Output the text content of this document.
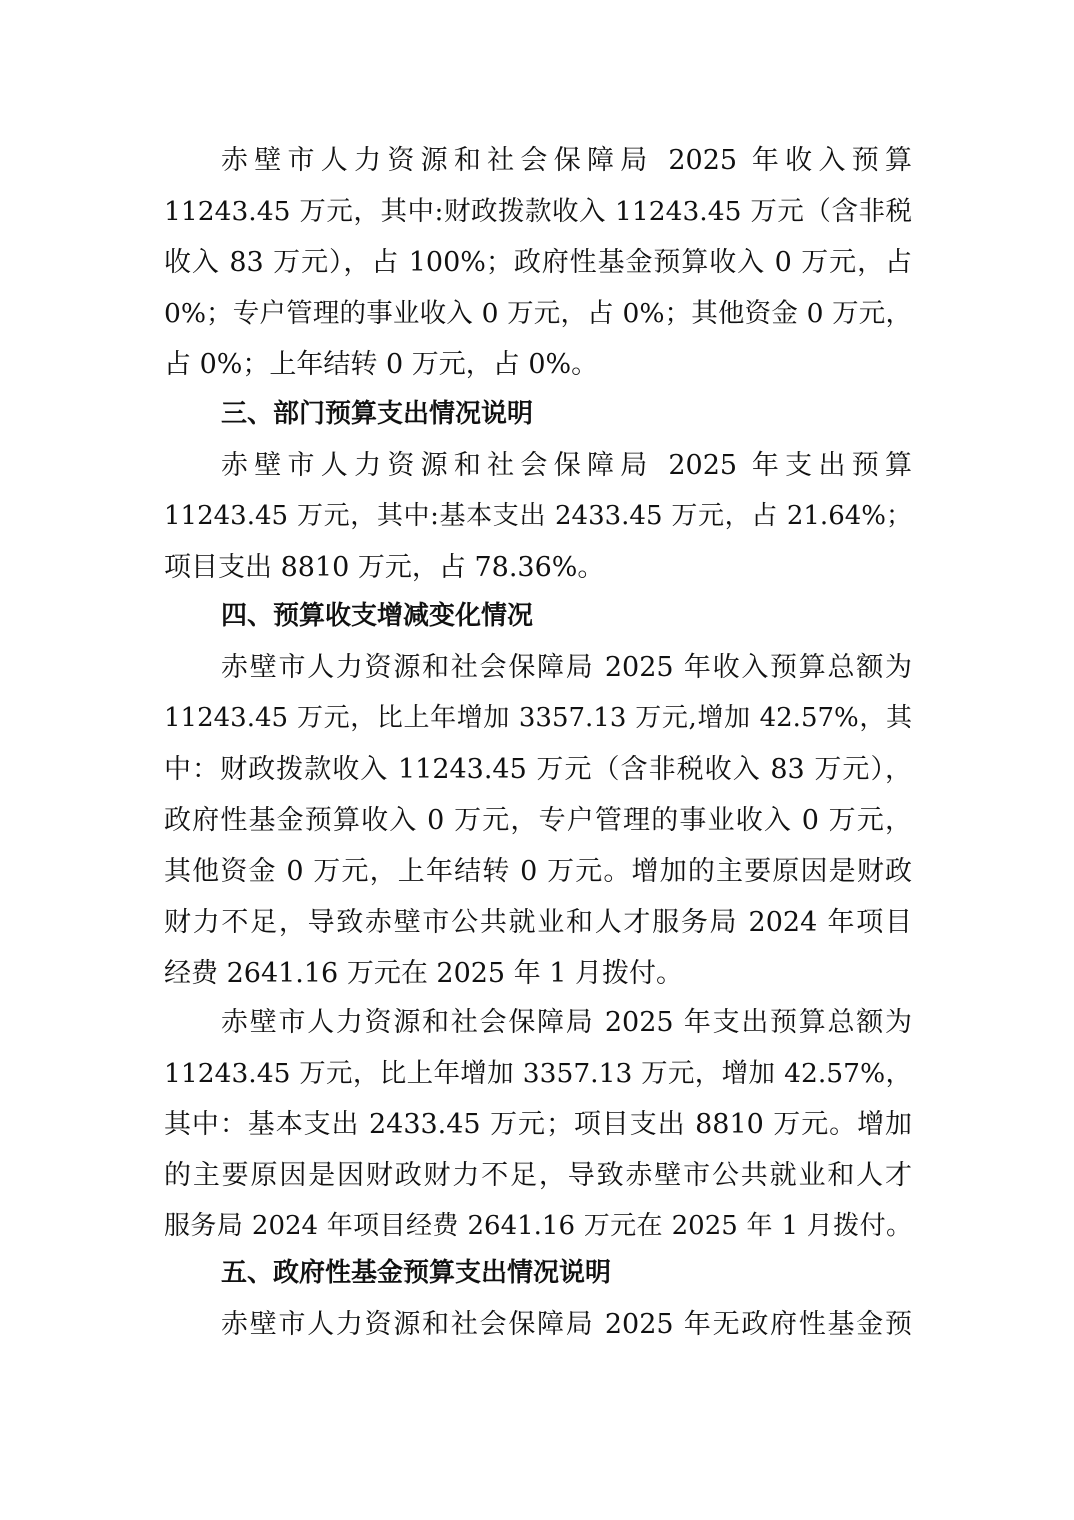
赤壁市人力资源和社会保障局 2025 年收入预算
11243.45 万元，其中:财政拨款收入 11243.45 万元（含非税
收入 83 万元），占 100%；政府性基金预算收入 0 万元，占
0%；专户管理的事业收入 0 万元，占 0%；其他资金 0 万元，
占 0%；上年结转 0 万元，占 0%。
三、部门预算支出情况说明
赤壁市人力资源和社会保障局 2025 年支出预算
11243.45 万元，其中:基本支出 2433.45 万元，占 21.64%；
项目支出 8810 万元，占 78.36%。
四、预算收支增减变化情况
赤壁市人力资源和社会保障局 2025 年收入预算总额为
11243.45 万元，比上年增加 3357.13 万元,增加 42.57%，其
中：财政拨款收入 11243.45 万元（含非税收入 83 万元），
政府性基金预算收入 0 万元，专户管理的事业收入 0 万元，
其他资金 0 万元，上年结转 0 万元。增加的主要原因是财政
财力不足，导致赤壁市公共就业和人才服务局 2024 年项目
经费 2641.16 万元在 2025 年 1 月拨付。
赤壁市人力资源和社会保障局 2025 年支出预算总额为
11243.45 万元，比上年增加 3357.13 万元，增加 42.57%，
其中：基本支出 2433.45 万元；项目支出 8810 万元。增加
的主要原因是因财政财力不足，导致赤壁市公共就业和人才
服务局 2024 年项目经费 2641.16 万元在 2025 年 1 月拨付。
五、政府性基金预算支出情况说明
赤壁市人力资源和社会保障局 2025 年无政府性基金预
